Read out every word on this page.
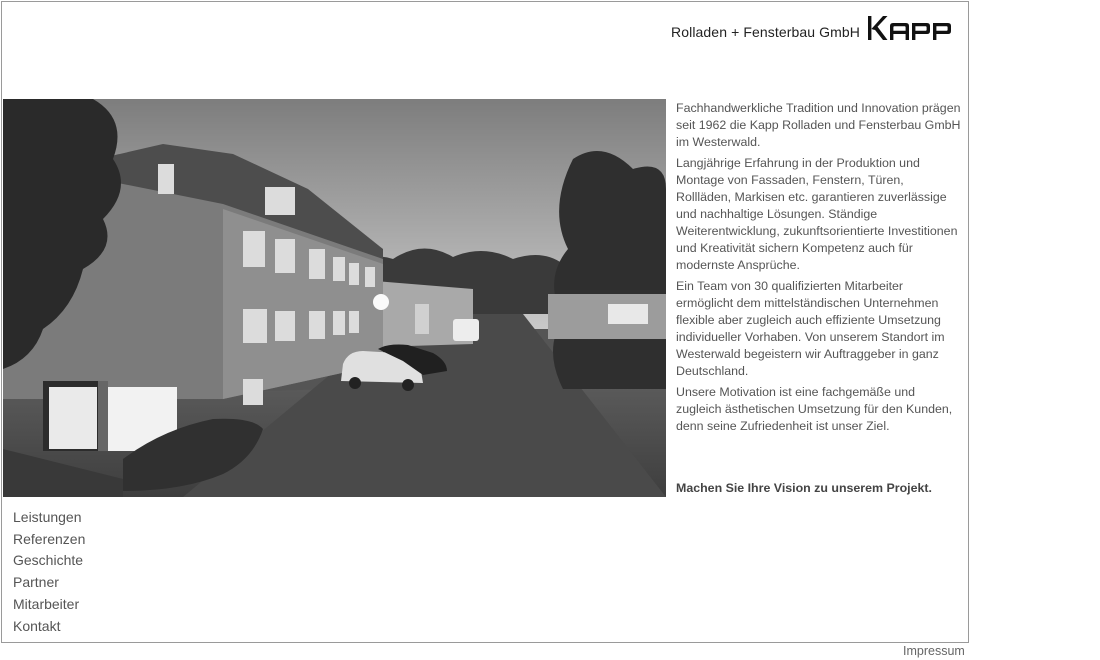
Rolladen + Fensterbau GmbH

Fachhandwerkliche Tradition und Innovation prägen seit 1962 die Kapp Rolladen und Fensterbau GmbH im Westerwald.

Langjährige Erfahrung in der Produktion und Montage von Fassaden, Fenstern, Türen, Rollläden, Markisen etc. garantieren zuverlässige und nachhaltige Lösungen. Ständige Weiterentwicklung, zukunftsorientierte Investitionen und Kreativität sichern Kompetenz auch für modernste Ansprüche.

Ein Team von 30 qualifizierten Mitarbeiter ermöglicht dem mittelständischen Unternehmen flexible aber zugleich auch effiziente Umsetzung individueller Vorhaben. Von unserem Standort im Westerwald begeistern wir Auftraggeber in ganz Deutschland.

Unsere Motivation ist eine fachgemäße und zugleich ästhetischen Umsetzung für den Kunden, denn seine Zufriedenheit ist unser Ziel.

Machen Sie Ihre Vision zu unserem Projekt.
Leistungen
Referenzen
Geschichte
Partner
Mitarbeiter
Kontakt
Impressum
